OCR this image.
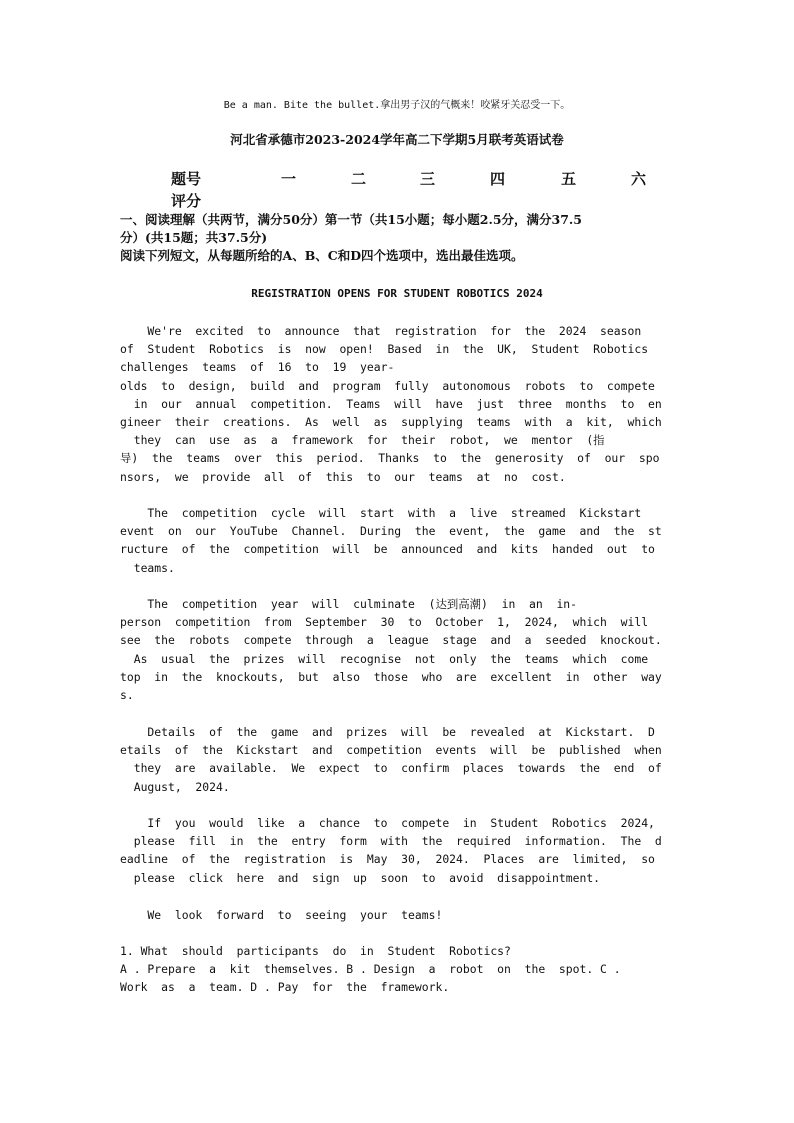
Be a man. Bite the bullet.拿出男子汉的气概来！咬紧牙关忍受一下。
河北省承德市2023-2024学年高二下学期5月联考英语试卷
题号	一	二	三	四	五	六
评分
一、阅读理解（共两节，满分50分）第一节（共15小题；每小题2.5分，满分37.5
分）(共15题；共37.5分)
阅读下列短文，从每题所给的A、B、C和D四个选项中，选出最佳选项。
REGISTRATION OPENS FOR STUDENT ROBOTICS 2024
We're  excited  to  announce  that  registration  for  the  2024  season
of  Student  Robotics  is  now  open!  Based  in  the  UK,  Student  Robotics
challenges  teams  of  16  to  19  year-
olds  to  design,  build  and  program  fully  autonomous  robots  to  compete
in  our  annual  competition.  Teams  will  have  just  three  months  to  en
gineer  their  creations.  As  well  as  supplying  teams  with  a  kit,  which
they  can  use  as  a  framework  for  their  robot,  we  mentor  (指
导)  the  teams  over  this  period.  Thanks  to  the  generosity  of  our  spo
nsors,  we  provide  all  of  this  to  our  teams  at  no  cost.
The  competition  cycle  will  start  with  a  live  streamed  Kickstart
event  on  our  YouTube  Channel.  During  the  event,  the  game  and  the  st
ructure  of  the  competition  will  be  announced  and  kits  handed  out  to
teams.
The  competition  year  will  culminate  (达到高潮)  in  an  in-
person  competition  from  September  30  to  October  1,  2024,  which  will
see  the  robots  compete  through  a  league  stage  and  a  seeded  knockout.
As  usual  the  prizes  will  recognise  not  only  the  teams  which  come
top  in  the  knockouts,  but  also  those  who  are  excellent  in  other  way
s.
Details  of  the  game  and  prizes  will  be  revealed  at  Kickstart.  D
etails  of  the  Kickstart  and  competition  events  will  be  published  when
they  are  available.  We  expect  to  confirm  places  towards  the  end  of
August,  2024.
If  you  would  like  a  chance  to  compete  in  Student  Robotics  2024,
please  fill  in  the  entry  form  with  the  required  information.  The  d
eadline  of  the  registration  is  May  30,  2024.  Places  are  limited,  so
please  click  here  and  sign  up  soon  to  avoid  disappointment.
We  look  forward  to  seeing  your  teams!
1. What  should  participants  do  in  Student  Robotics?
A . Prepare  a  kit  themselves. B . Design  a  robot  on  the  spot. C .
Work  as  a  team. D . Pay  for  the  framework.
